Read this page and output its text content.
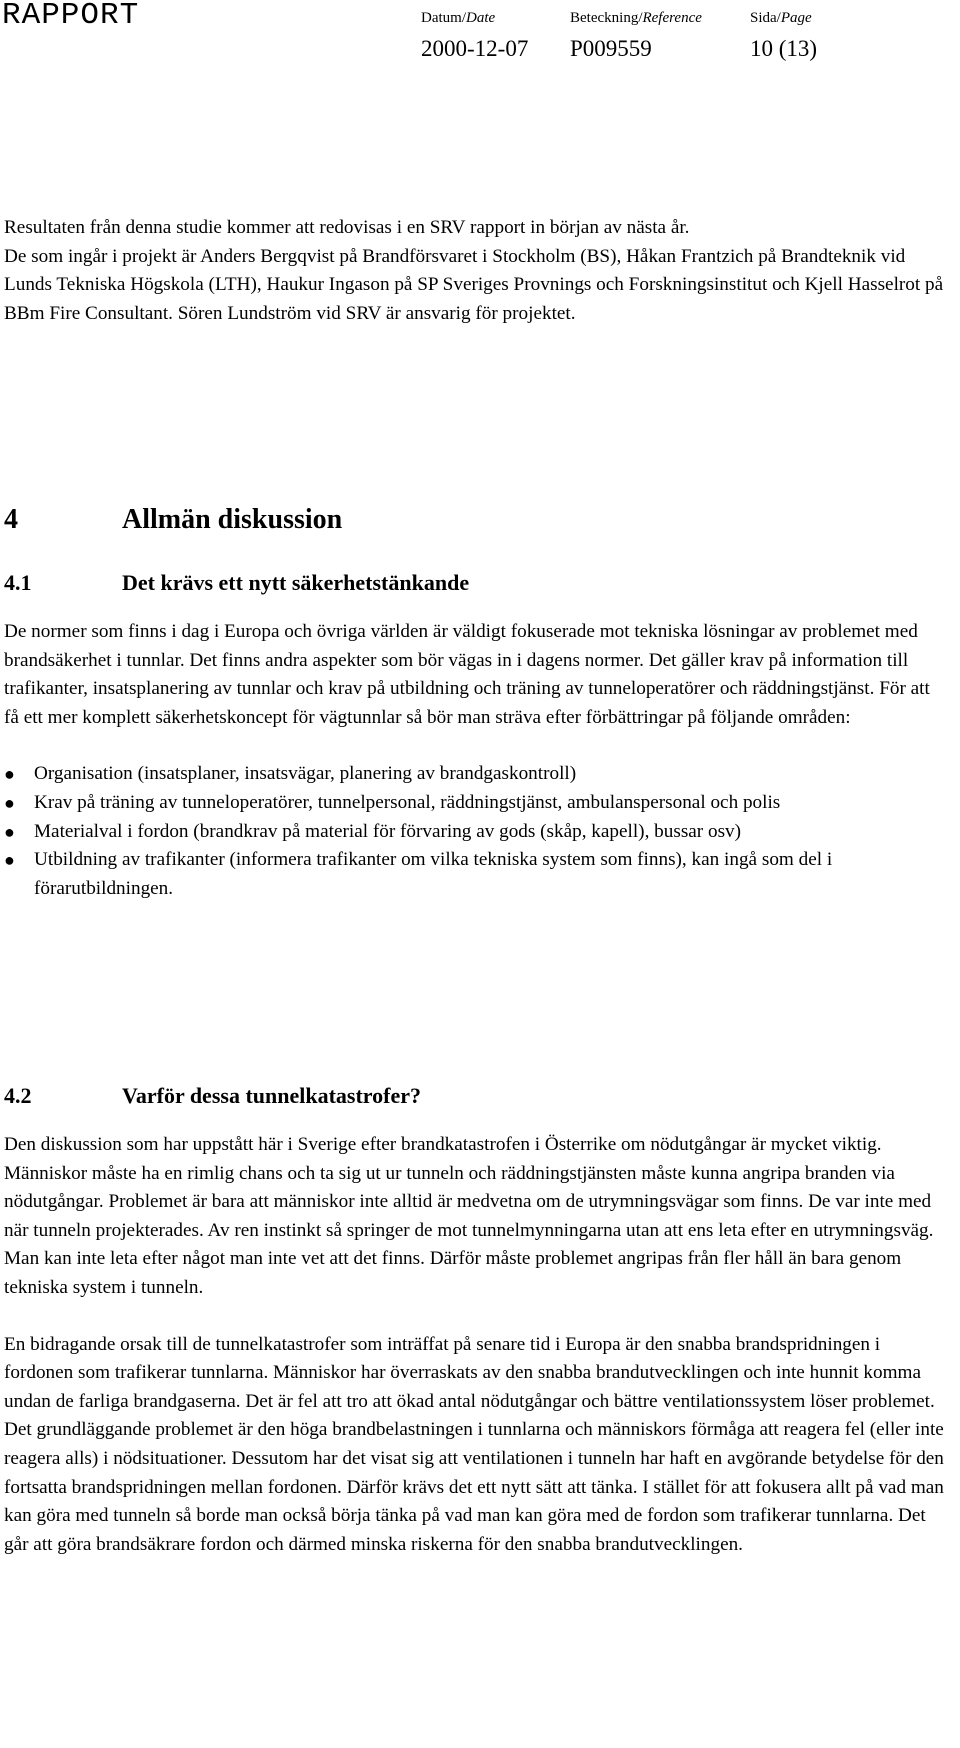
RAPPORT	Datum/Date	Beteckning/Reference	Sida/Page
2000-12-07 P009559	10 (13)

Resultaten från denna studie kommer att redovisas i en SRV rapport in början av nästa år.

De som ingår i projekt är Anders Bergqvist på Brandförsvaret i Stockholm (BS), Håkan Frantzich på Brandteknik vid Lunds Tekniska Högskola (LTH), Haukur Ingason på SP Sveriges Provnings och Forskningsinstitut och Kjell Hasselrot på BBm Fire Consultant. Sören Lundström vid SRV är ansvarig för projektet.

4	Allmän diskussion
4.1	Det krävs ett nytt säkerhetstänkande

De normer som finns i dag i Europa och övriga världen är väldigt fokuserade mot tekniska lösningar av problemet med brandsäkerhet i tunnlar. Det finns andra aspekter som bör vägas in i dagens normer. Det gäller krav på information till trafikanter, insatsplanering av tunnlar och krav på utbildning och träning av tunneloperatörer och räddningstjänst. För att få ett mer komplett säkerhetskoncept för vägtunnlar så bör man sträva efter förbättringar på följande områden:

● Organisation (insatsplaner, insatsvägar, planering av brandgaskontroll)
● Krav på träning av tunneloperatörer, tunnelpersonal, räddningstjänst, ambulanspersonal och polis
● Materialval i fordon (brandkrav på material för förvaring av gods (skåp, kapell), bussar osv)
● Utbildning av trafikanter (informera trafikanter om vilka tekniska system som finns), kan ingå som del i förarutbildningen.
4.2	Varför dessa tunnelkatastrofer?

Den diskussion som har uppstått här i Sverige efter brandkatastrofen i Österrike om nödutgångar är mycket viktig. Människor måste ha en rimlig chans och ta sig ut ur tunneln och räddningstjänsten måste kunna angripa branden via nödutgångar. Problemet är bara att människor inte alltid är medvetna om de utrymningsvägar som finns. De var inte med när tunneln projekterades. Av ren instinkt så springer de mot tunnelmynningarna utan att ens leta efter en utrymningsväg. Man kan inte leta efter något man inte vet att det finns. Därför måste problemet angripas från fler håll än bara genom tekniska system i tunneln.

En bidragande orsak till de tunnelkatastrofer som inträffat på senare tid i Europa är den snabba brandspridningen i fordonen som trafikerar tunnlarna. Människor har överraskats av den snabba brandutvecklingen och inte hunnit komma undan de farliga brandgaserna. Det är fel att tro att ökad antal nödutgångar och bättre ventilationssystem löser problemet. Det grundläggande problemet är den höga brandbelastningen i tunnlarna och människors förmåga att reagera fel (eller inte reagera alls) i nödsituationer. Dessutom har det visat sig att ventilationen i tunneln har haft en avgörande betydelse för den fortsatta brandspridningen mellan fordonen. Därför krävs det ett nytt sätt att tänka. I stället för att fokusera allt på vad man kan göra med tunneln så borde man också börja tänka på vad man kan göra med de fordon som trafikerar tunnlarna. Det går att göra brandsäkrare fordon och därmed minska riskerna för den snabba brandutvecklingen.
